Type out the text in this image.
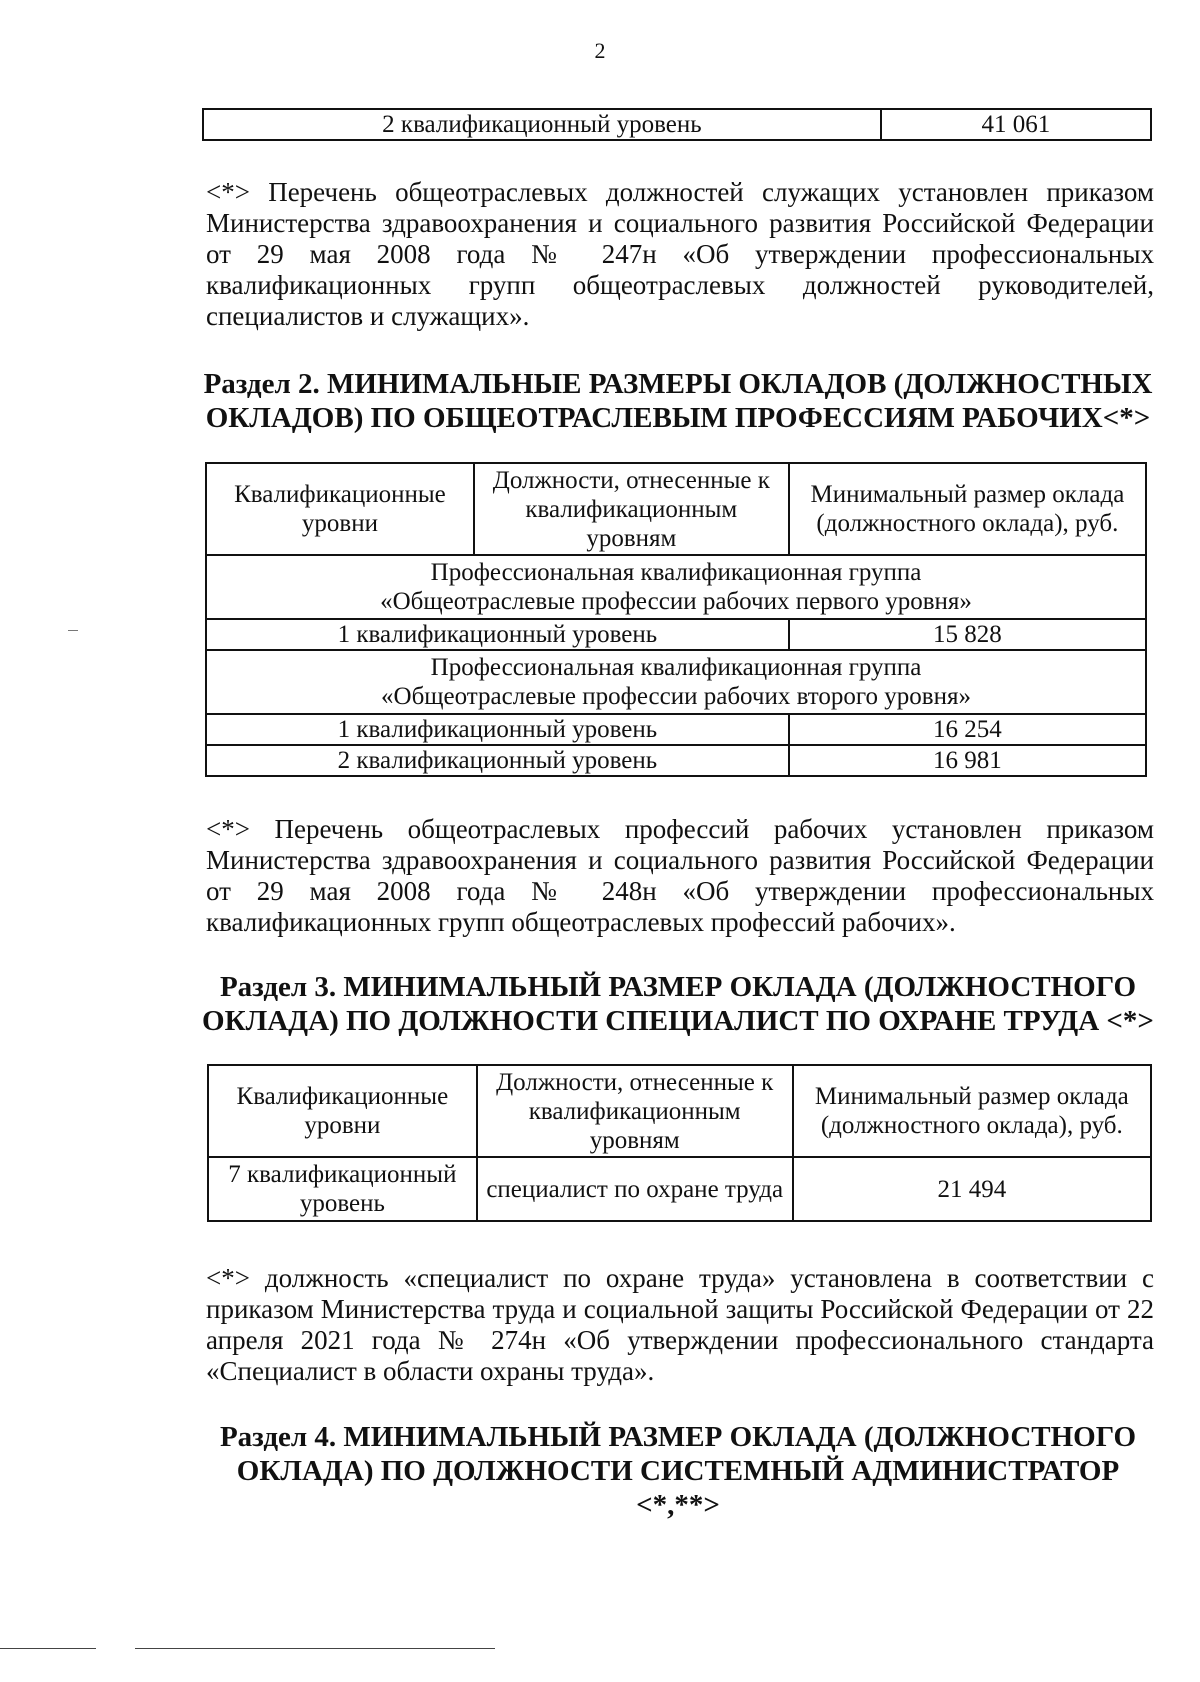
2
2 квалификационный уровень	41 061
<*> Перечень общеотраслевых должностей служащих установлен приказом Министерства здравоохранения и социального развития Российской Федерации от 29 мая 2008 года № 247н «Об утверждении профессиональных квалификационных групп общеотраслевых должностей руководителей, специалистов и служащих».
Раздел 2. МИНИМАЛЬНЫЕ РАЗМЕРЫ ОКЛАДОВ (ДОЛЖНОСТНЫХ
ОКЛАДОВ) ПО ОБЩЕОТРАСЛЕВЫМ ПРОФЕССИЯМ РАБОЧИХ<*>
Квалификационные уровни	Должности, отнесенные к квалификационным уровням	Минимальный размер оклада (должностного оклада), руб.

Профессиональная квалификационная группа
«Общеотраслевые профессии рабочих первого уровня»		

1 квалификационный уровень		15 828

Профессиональная квалификационная группа
«Общеотраслевые профессии рабочих второго уровня»		

1 квалификационный уровень		16 254
2 квалификационный уровень		16 981
<*> Перечень общеотраслевых профессий рабочих установлен приказом Министерства здравоохранения и социального развития Российской Федерации от 29 мая 2008 года № 248н «Об утверждении профессиональных квалификационных групп общеотраслевых профессий рабочих».
Раздел 3. МИНИМАЛЬНЫЙ РАЗМЕР ОКЛАДА (ДОЛЖНОСТНОГО
ОКЛАДА) ПО ДОЛЖНОСТИ СПЕЦИАЛИСТ ПО ОХРАНЕ ТРУДА <*>
Квалификационные уровни	Должности, отнесенные к квалификационным уровням	Минимальный размер оклада (должностного оклада), руб.
7 квалификационный уровень	специалист по охране труда	21 494
<*> должность «специалист по охране труда» установлена в соответствии с приказом Министерства труда и социальной защиты Российской Федерации от 22 апреля 2021 года № 274н «Об утверждении профессионального стандарта «Специалист в области охраны труда».
Раздел 4. МИНИМАЛЬНЫЙ РАЗМЕР ОКЛАДА (ДОЛЖНОСТНОГО
ОКЛАДА) ПО ДОЛЖНОСТИ СИСТЕМНЫЙ АДМИНИСТРАТОР
<*,**>
